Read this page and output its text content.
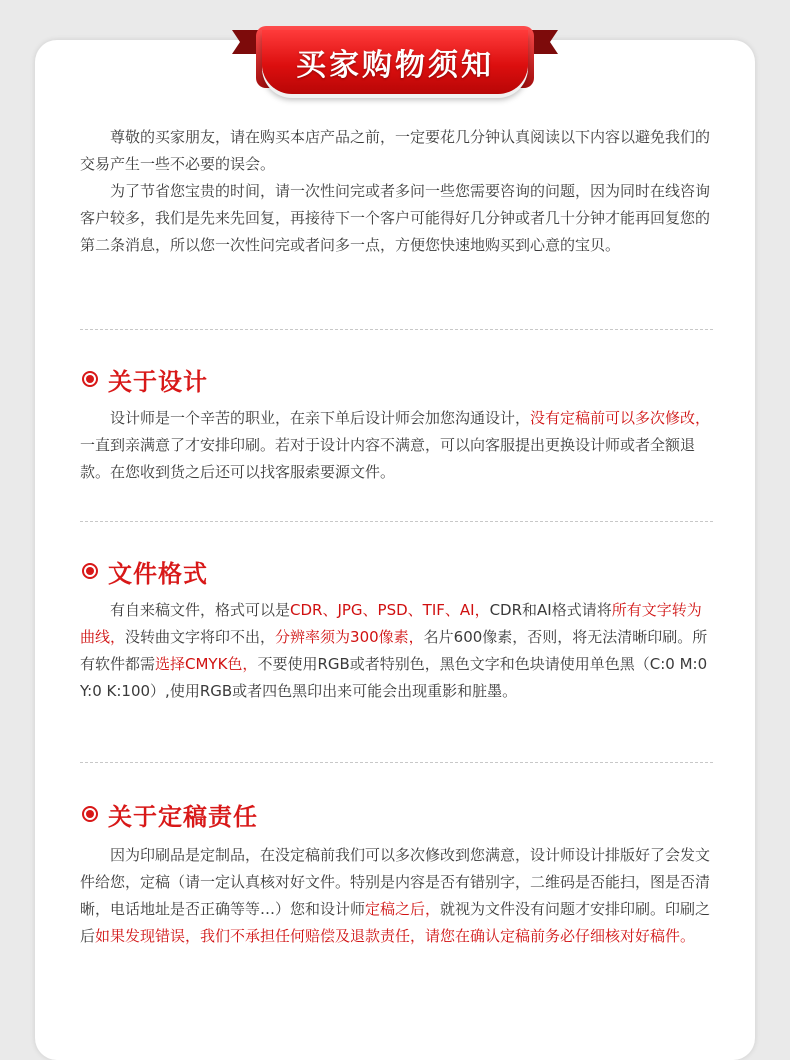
买家购物须知

尊敬的买家朋友，请在购买本店产品之前，一定要花几分钟认真阅读以下内容以避免我们的交易产生一些不必要的误会。

为了节省您宝贵的时间，请一次性问完或者多问一些您需要咨询的问题，因为同时在线咨询客户较多，我们是先来先回复，再接待下一个客户可能得好几分钟或者几十分钟才能再回复您的第二条消息，所以您一次性问完或者问多一点，方便您快速地购买到心意的宝贝。

关于设计

设计师是一个辛苦的职业，在亲下单后设计师会加您沟通设计，没有定稿前可以多次修改，一直到亲满意了才安排印刷。若对于设计内容不满意，可以向客服提出更换设计师或者全额退款。在您收到货之后还可以找客服索要源文件。

文件格式

有自来稿文件，格式可以是CDR、JPG、PSD、TIF、AI，CDR和AI格式请将所有文字转为曲线，没转曲文字将印不出，分辨率须为300像素，名片600像素，否则，将无法清晰印刷。所有软件都需选择CMYK色，不要使用RGB或者特别色，黑色文字和色块请使用单色黑（C:0 M:0 Y:0 K:100）,使用RGB或者四色黑印出来可能会出现重影和脏墨。

关于定稿责任

因为印刷品是定制品，在没定稿前我们可以多次修改到您满意，设计师设计排版好了会发文件给您，定稿（请一定认真核对好文件。特别是内容是否有错别字，二维码是否能扫，图是否清晰，电话地址是否正确等等…）您和设计师定稿之后，就视为文件没有问题才安排印刷。印刷之后如果发现错误，我们不承担任何赔偿及退款责任，请您在确认定稿前务必仔细核对好稿件。
